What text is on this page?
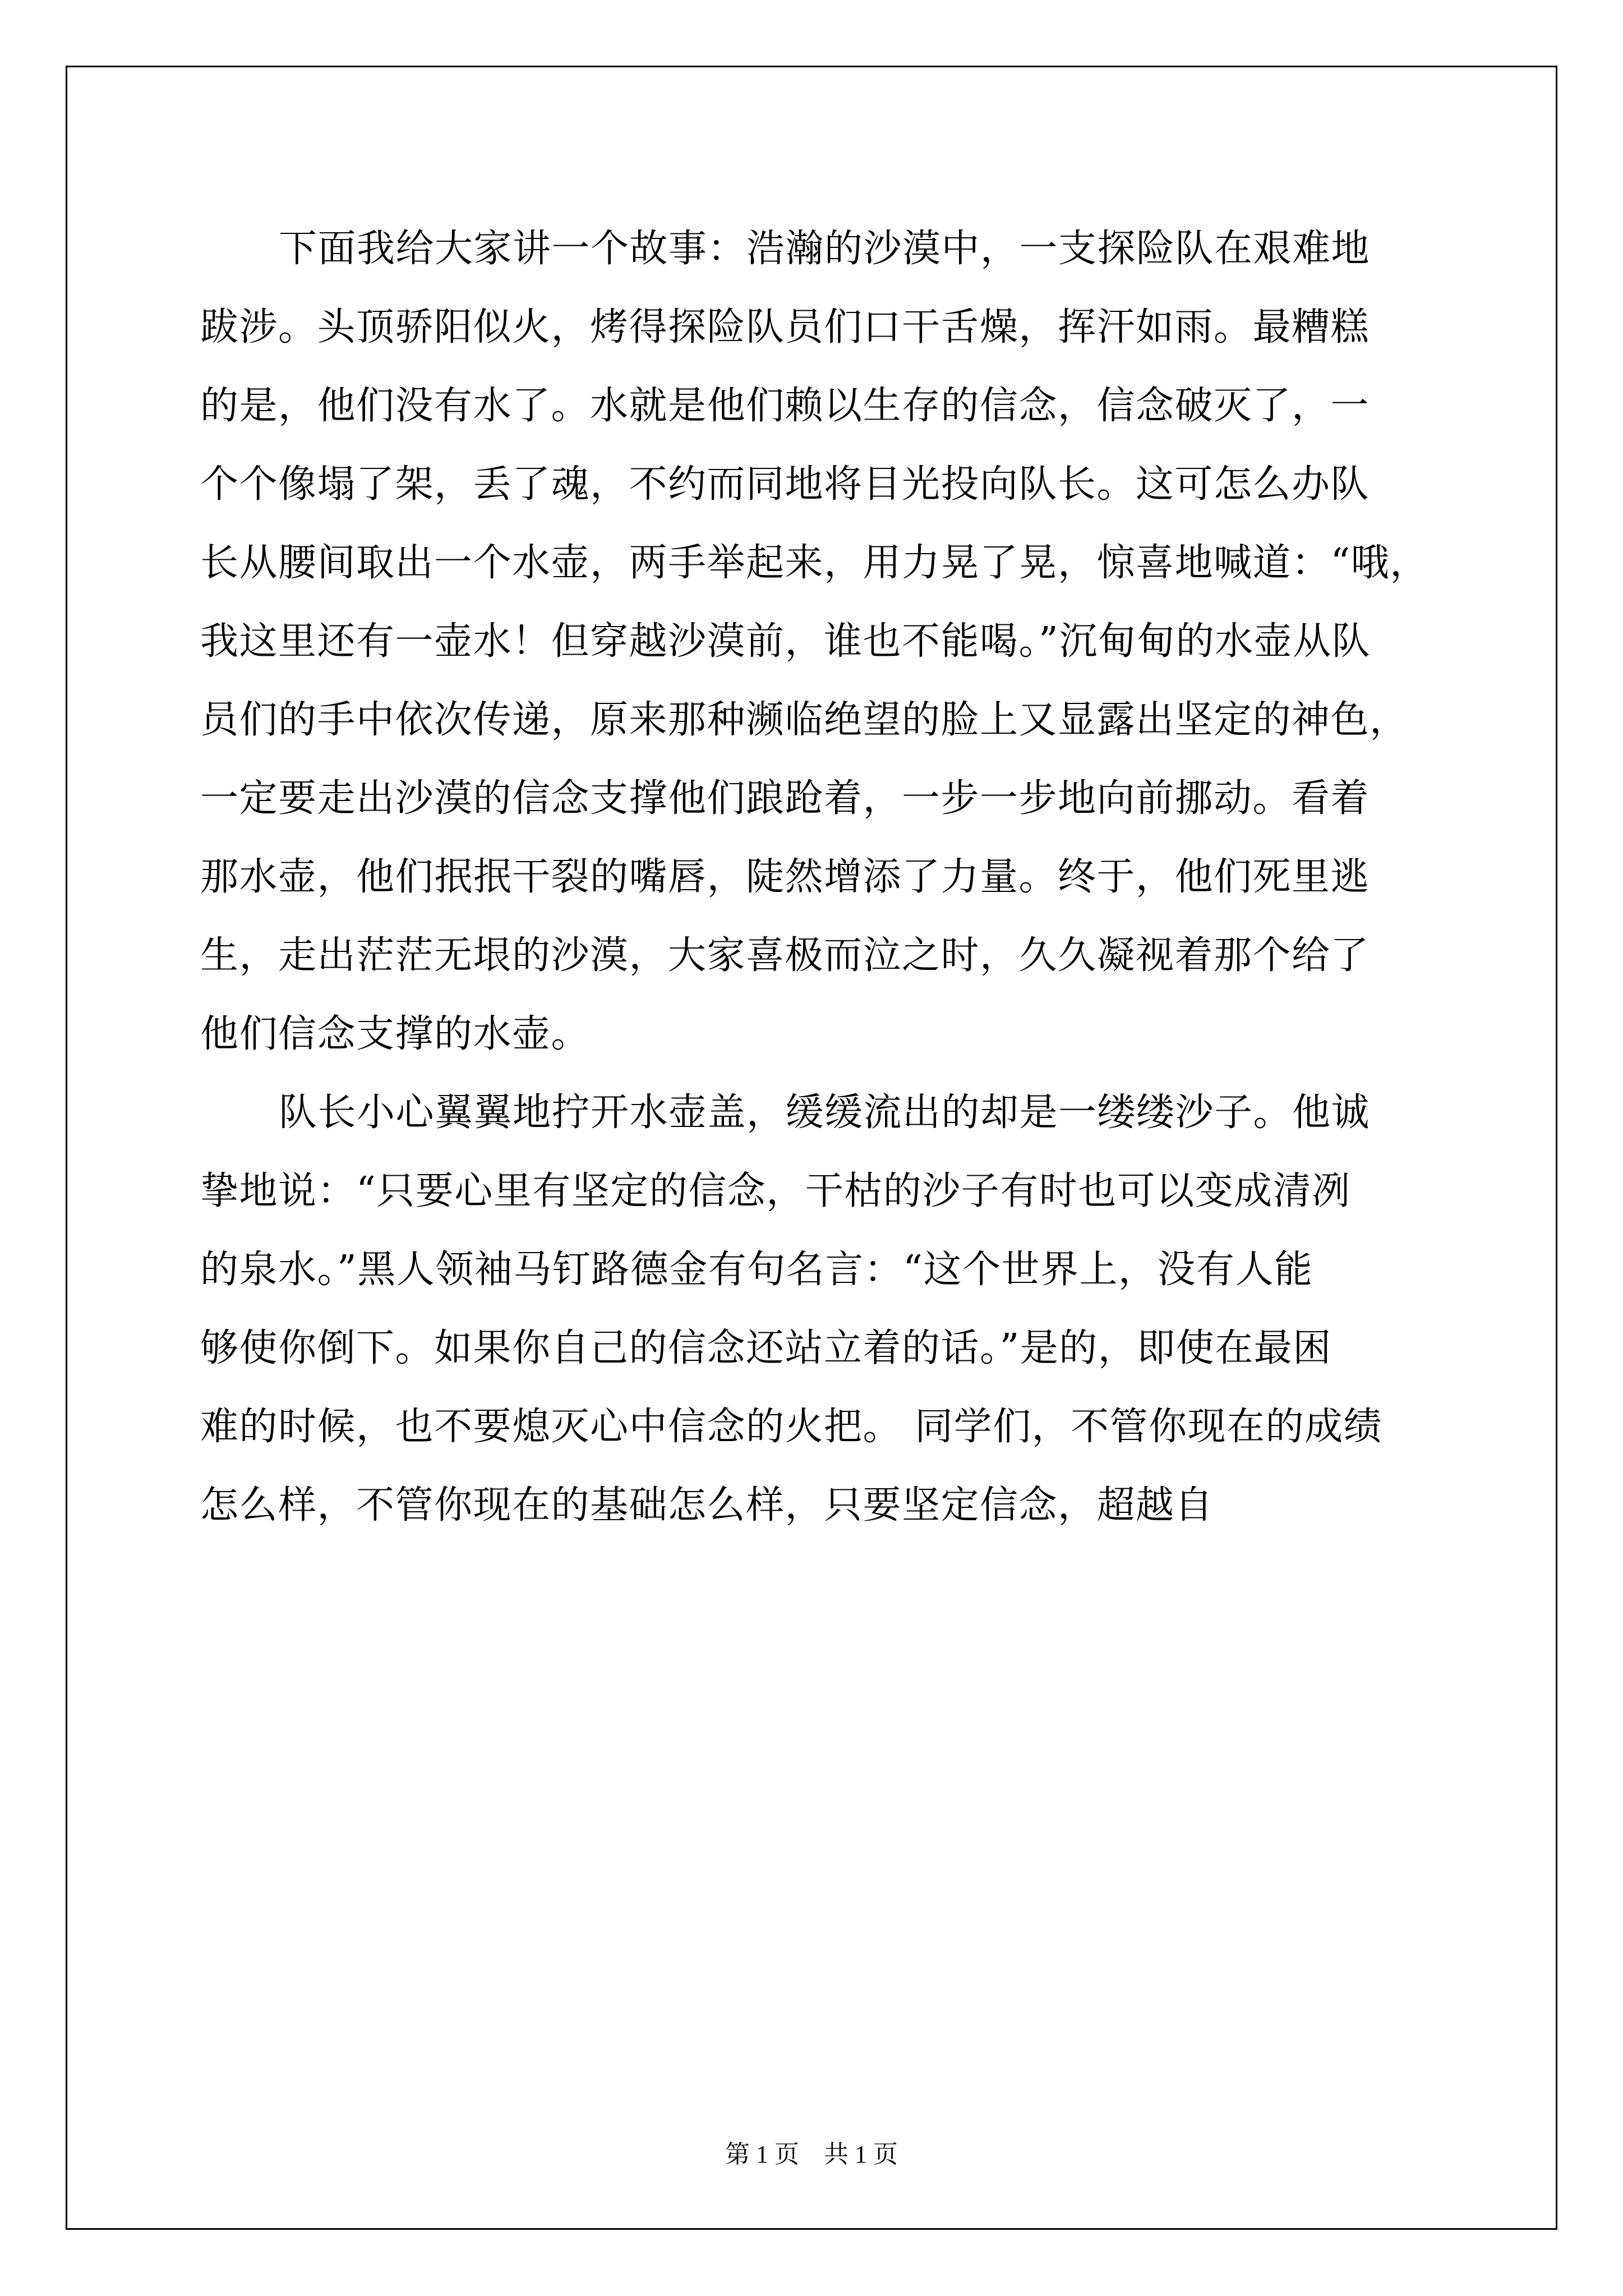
下面我给大家讲一个故事：浩瀚的沙漠中，一支探险队在艰难地
跋涉。头顶骄阳似火，烤得探险队员们口干舌燥，挥汗如雨。最糟糕
的是，他们没有水了。水就是他们赖以生存的信念，信念破灭了，一
个个像塌了架，丢了魂，不约而同地将目光投向队长。这可怎么办队
长从腰间取出一个水壶，两手举起来，用力晃了晃，惊喜地喊道：“哦，
我这里还有一壶水！但穿越沙漠前，谁也不能喝。”沉甸甸的水壶从队
员们的手中依次传递，原来那种濒临绝望的脸上又显露出坚定的神色，
一定要走出沙漠的信念支撑他们踉跄着，一步一步地向前挪动。看着
那水壶，他们抿抿干裂的嘴唇，陡然增添了力量。终于，他们死里逃
生，走出茫茫无垠的沙漠，大家喜极而泣之时，久久凝视着那个给了
他们信念支撑的水壶。
队长小心翼翼地拧开水壶盖，缓缓流出的却是一缕缕沙子。他诚
挚地说：“只要心里有坚定的信念，干枯的沙子有时也可以变成清冽
的泉水。”黑人领袖马钉路德金有句名言：“这个世界上，没有人能
够使你倒下。如果你自己的信念还站立着的话。”是的，即使在最困
难的时候，也不要熄灭心中信念的火把。 同学们，不管你现在的成绩
怎么样，不管你现在的基础怎么样，只要坚定信念，超越自
第 1 页    共 1 页
